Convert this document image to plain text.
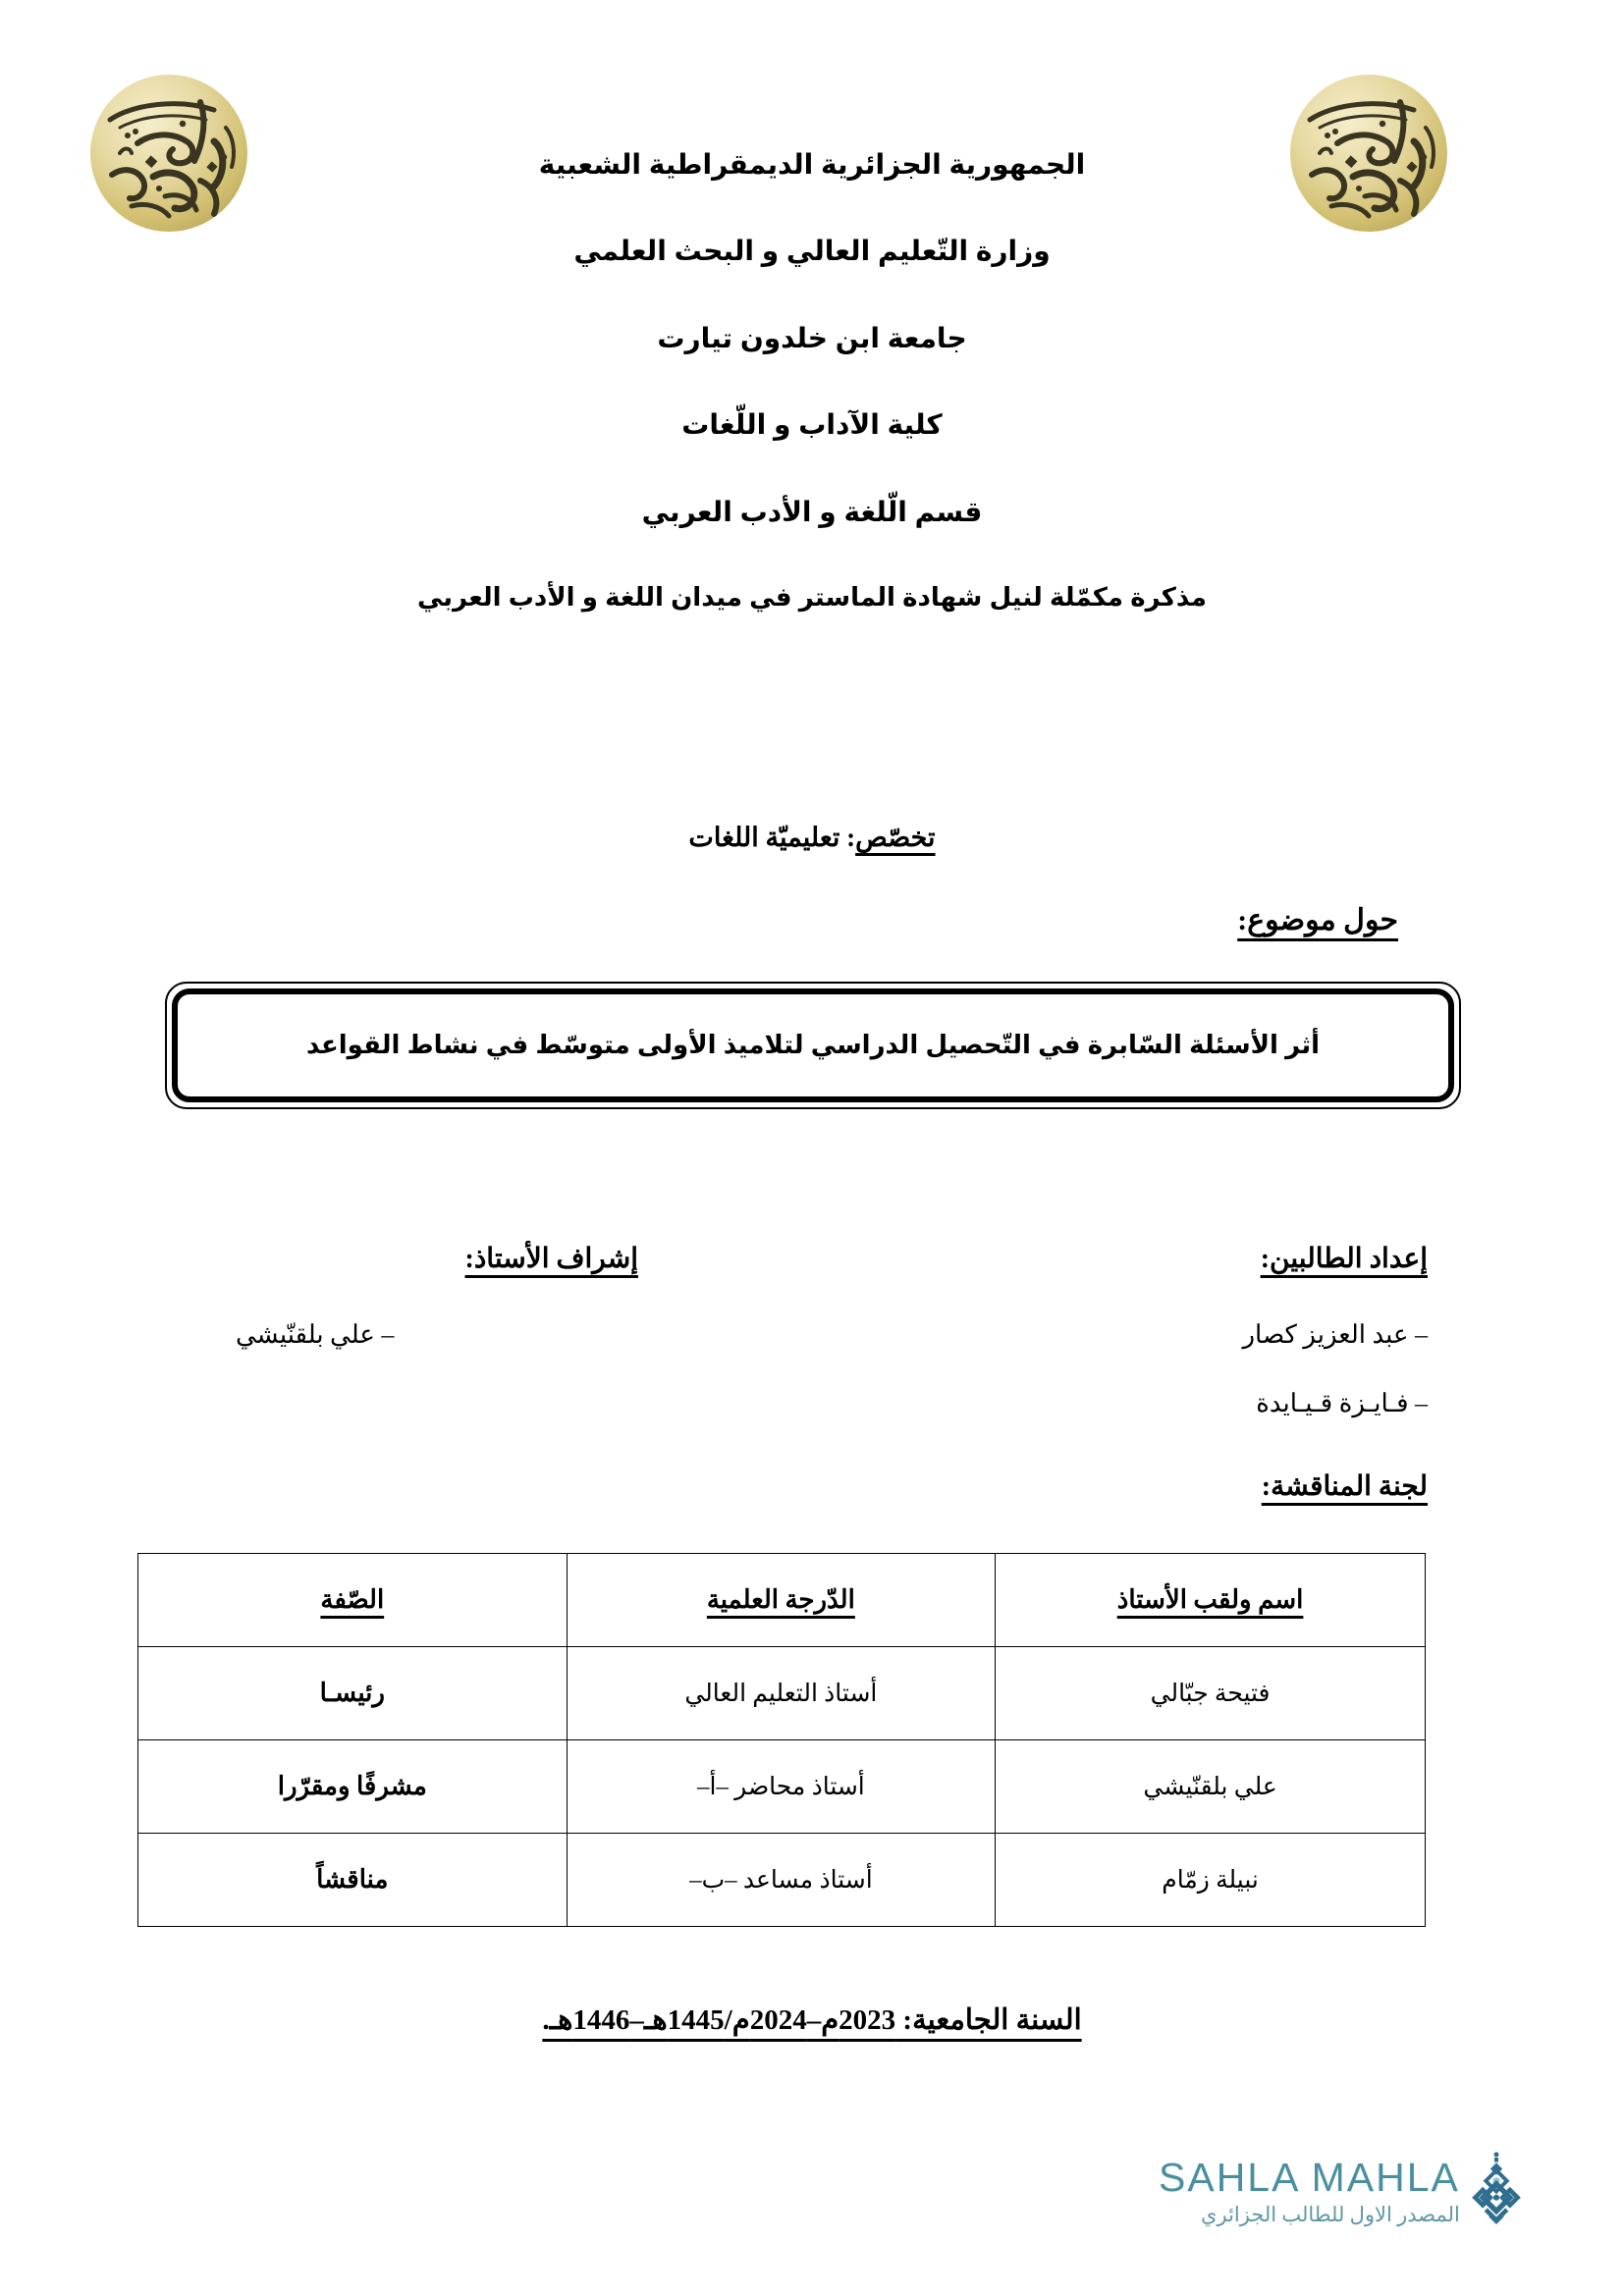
الجمهورية الجزائرية الديمقراطية الشعبية

وزارة التّعليم العالي و البحث العلمي

جامعة ابن خلدون تيارت

كلية الآداب و اللّغات

قسم الّلغة و الأدب العربي

مذكرة مكمّلة لنيل شهادة الماستر في ميدان اللغة و الأدب العربي

تخصّص: تعليميّة اللغات
حول موضوع:
أثر الأسئلة السّابرة في التّحصيل الدراسي لتلاميذ الأولى متوسّط في نشاط القواعد
إعداد الطالبين:
– عبد العزيز كصار
– فـايـزة قـيـايدة
إشراف الأستاذ:
– علي بلقنّيشي
لجنة المناقشة:
اسم ولقب الأستاذ	الدّرجة العلمية	الصّفة
فتيحة جبّالي	أستاذ التعليم العالي	رئيسـا
علي بلقنّيشي	أستاذ محاضر –أ–	مشرفًا ومقرّرا
نبيلة زمّام	أستاذ مساعد –ب–	مناقشاً
السنة الجامعية: 2023م–2024م/1445هـ–1446هـ.
SAHLA MAHLA
المصدر الاول للطالب الجزائري
